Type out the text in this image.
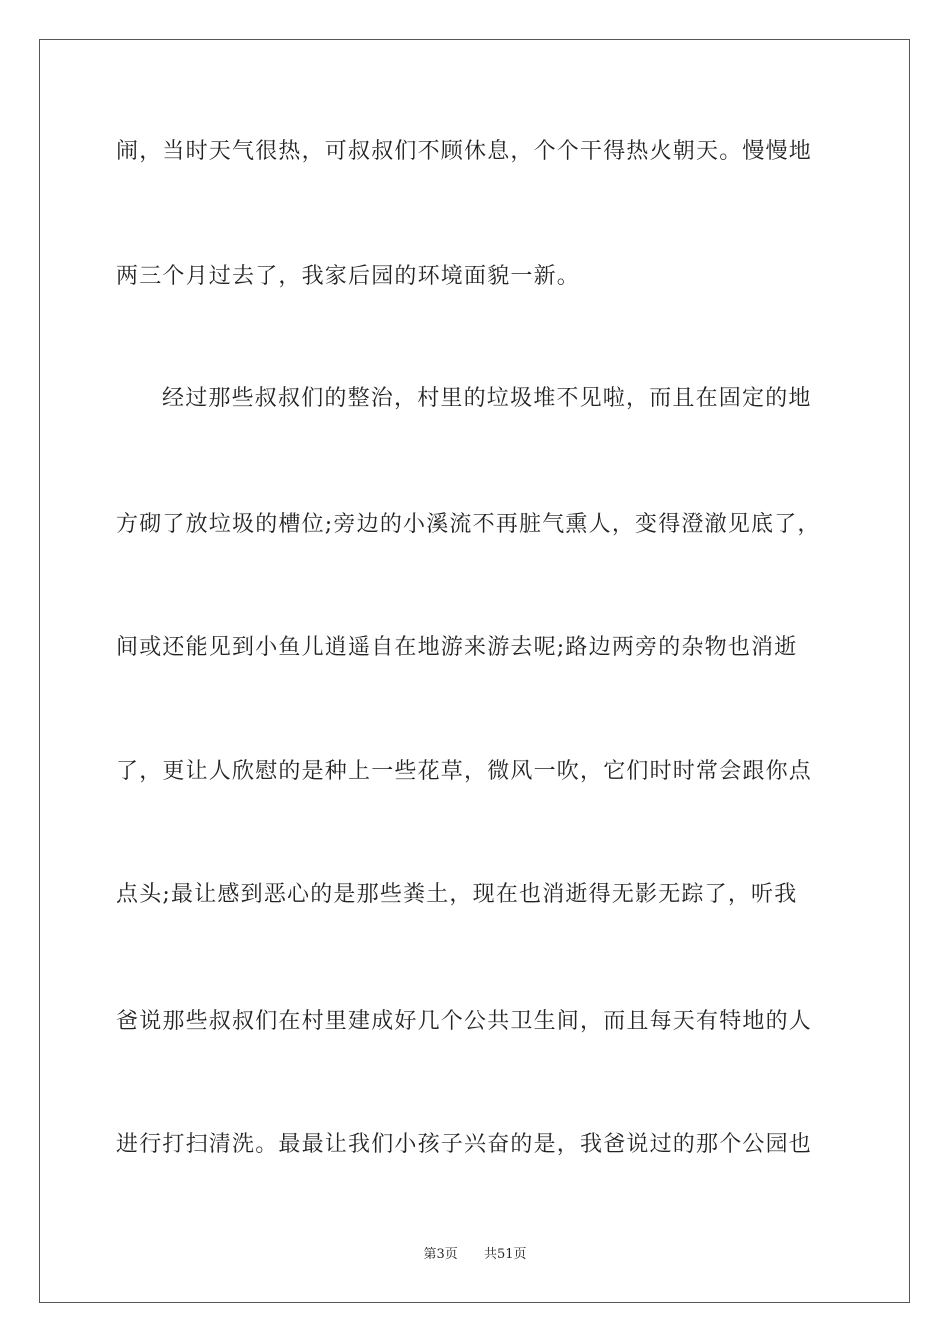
闹，当时天气很热，可叔叔们不顾休息，个个干得热火朝天。慢慢地
两三个月过去了，我家后园的环境面貌一新。
经过那些叔叔们的整治，村里的垃圾堆不见啦，而且在固定的地
方砌了放垃圾的槽位;旁边的小溪流不再脏气熏人，变得澄澈见底了，
间或还能见到小鱼儿逍遥自在地游来游去呢;路边两旁的杂物也消逝
了，更让人欣慰的是种上一些花草，微风一吹，它们时时常会跟你点
点头;最让感到恶心的是那些粪土，现在也消逝得无影无踪了，听我
爸说那些叔叔们在村里建成好几个公共卫生间，而且每天有特地的人
进行打扫清洗。最最让我们小孩子兴奋的是，我爸说过的那个公园也
第3页 共51页
